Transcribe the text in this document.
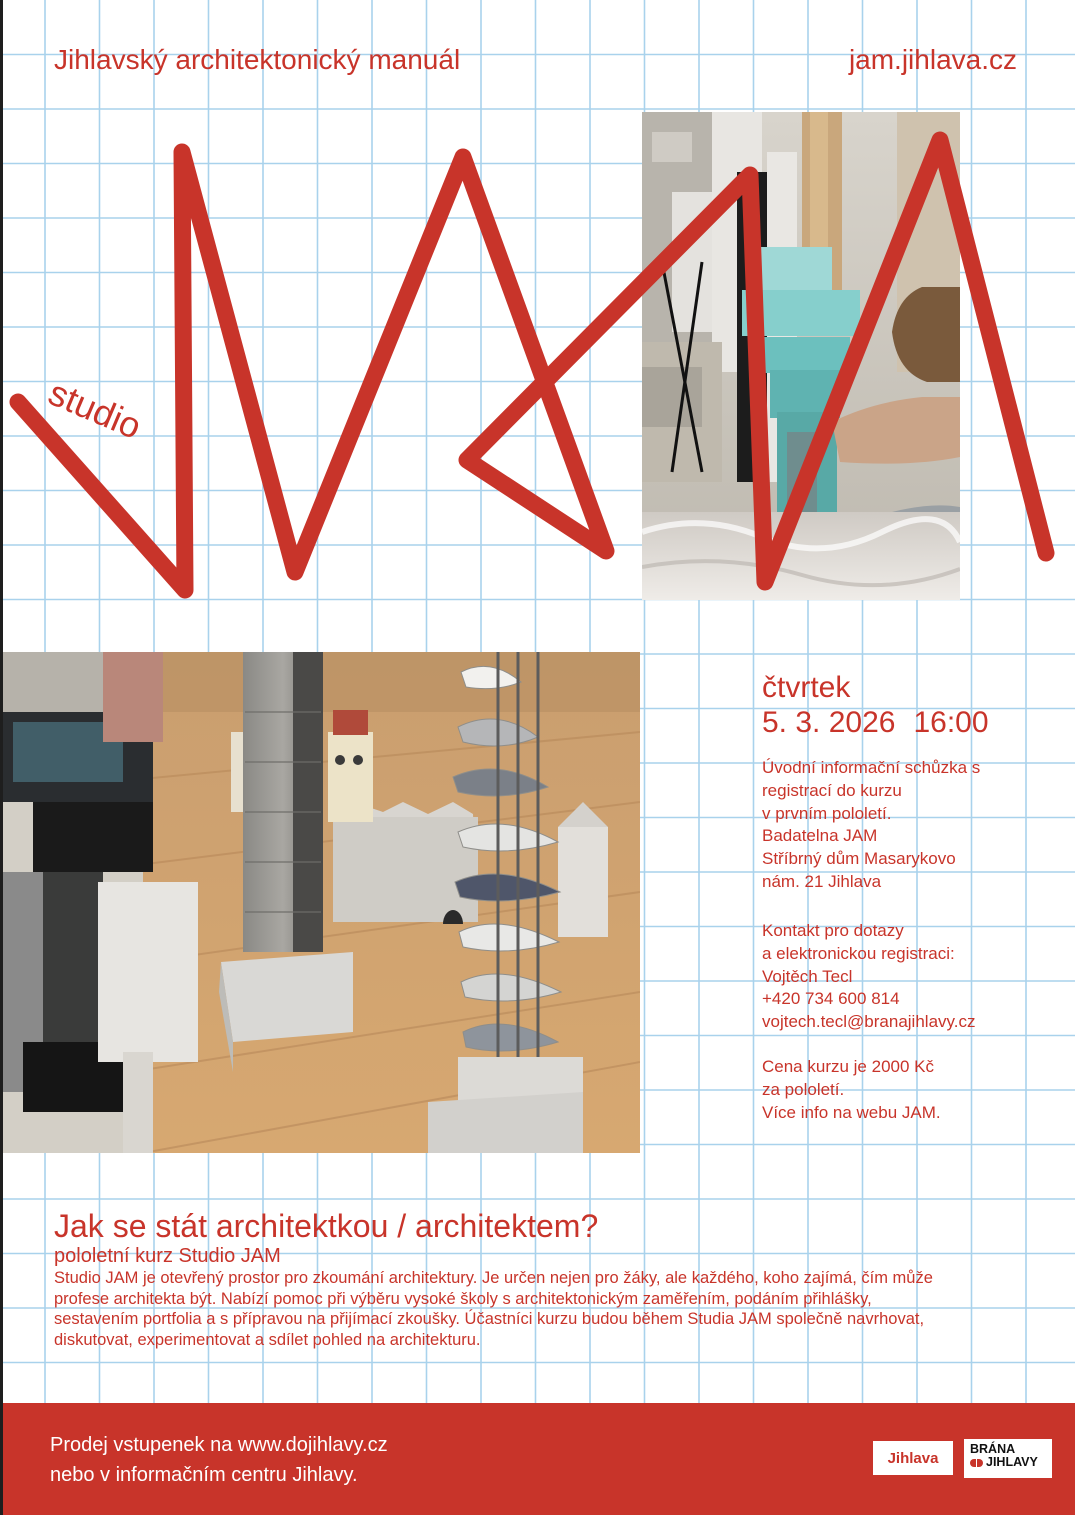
studio
Jihlavský architektonický manuál	jam.jihlava.cz
čtvrtek
5. 3. 2026 16:00
Úvodní informační schůzka s
registrací do kurzu
v prvním pololetí.
Badatelna JAM
Stříbrný dům Masarykovo
nám. 21 Jihlava
Kontakt pro dotazy
a elektronickou registraci:
Vojtěch Tecl
+420 734 600 814
vojtech.tecl@branajihlavy.cz
Cena kurzu je 2000 Kč
za pololetí.
Více info na webu JAM.
Jak se stát architektkou / architektem?
pololetní kurz Studio JAM
Studio JAM je otevřený prostor pro zkoumání architektury. Je určen nejen pro žáky, ale každého, koho zajímá, čím může
profese architekta být. Nabízí pomoc při výběru vysoké školy s architektonickým zaměřením, podáním přihlášky,
sestavením portfolia a s přípravou na přijímací zkoušky. Účastníci kurzu budou během Studia JAM společně navrhovat,
diskutovat, experimentovat a sdílet pohled na architekturu.
Prodej vstupenek na www.dojihlavy.cz
nebo v informačním centru Jihlavy.
Jihlava
BRÁNA
JIHLAVY
